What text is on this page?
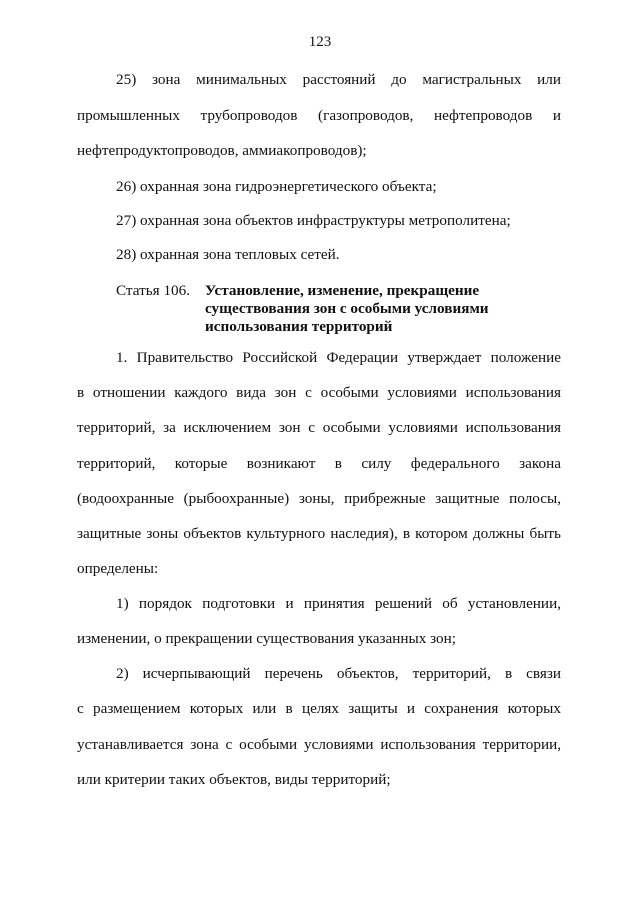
123
25) зона минимальных расстояний до магистральных или
промышленных трубопроводов (газопроводов, нефтепроводов и
нефтепродуктопроводов, аммиакопроводов);
26) охранная зона гидроэнергетического объекта;
27) охранная зона объектов инфраструктуры метрополитена;
28) охранная зона тепловых сетей.
Статья 106. Установление, изменение, прекращение
существования зон с особыми условиями
использования территорий
1. Правительство Российской Федерации утверждает положение
в отношении каждого вида зон с особыми условиями использования
территорий, за исключением зон с особыми условиями использования
территорий, которые возникают в силу федерального закона
(водоохранные (рыбоохранные) зоны, прибрежные защитные полосы,
защитные зоны объектов культурного наследия), в котором должны быть
определены:
1) порядок подготовки и принятия решений об установлении,
изменении, о прекращении существования указанных зон;
2) исчерпывающий перечень объектов, территорий, в связи
с размещением которых или в целях защиты и сохранения которых
устанавливается зона с особыми условиями использования территории,
или критерии таких объектов, виды территорий;
